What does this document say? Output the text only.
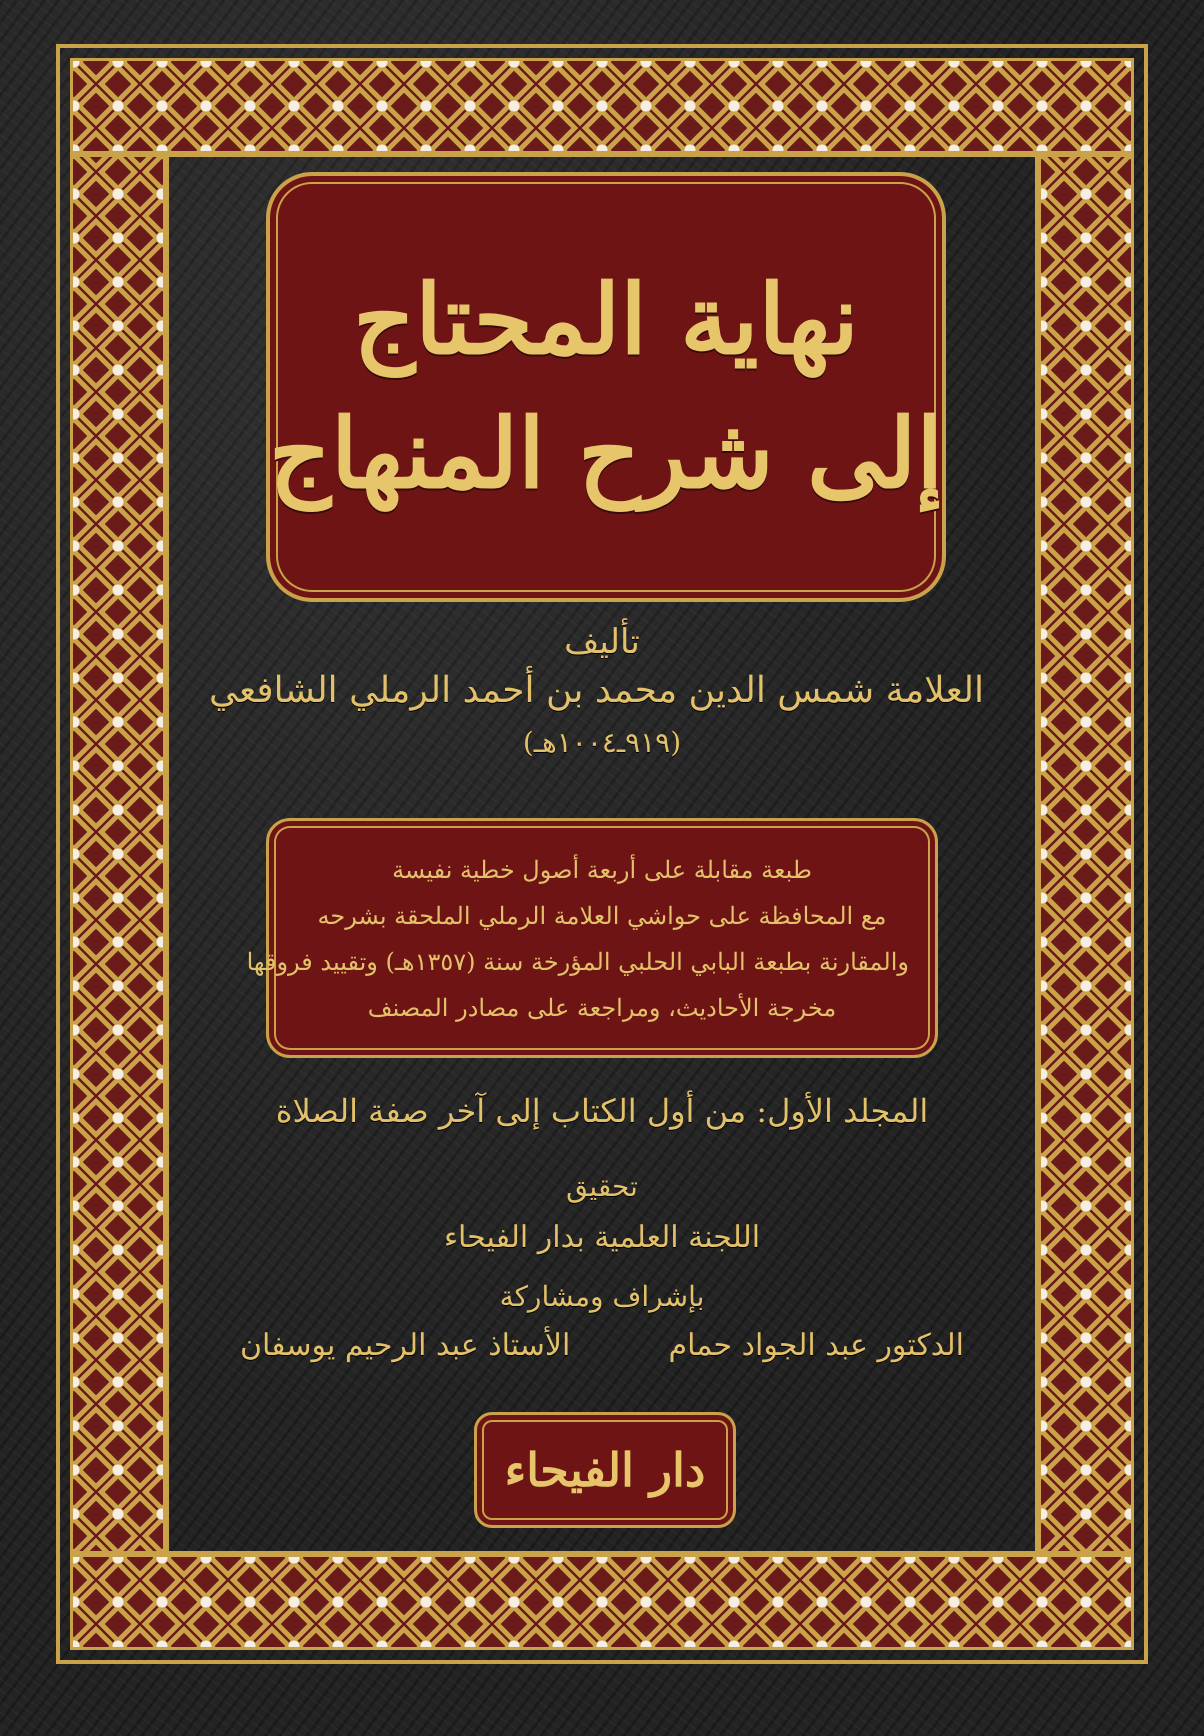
نهاية المحتاج
إلى شرح المنهاج
تأليف
العلامة شمس الدين محمد بن أحمد الرملي الشافعي
(٩١٩ـ١٠٠٤هـ)
طبعة مقابلة على أربعة أصول خطية نفيسة
مع المحافظة على حواشي العلامة الرملي الملحقة بشرحه
والمقارنة بطبعة البابي الحلبي المؤرخة سنة (١٣٥٧هـ) وتقييد فروقها
مخرجة الأحاديث، ومراجعة على مصادر المصنف
المجلد الأول: من أول الكتاب إلى آخر صفة الصلاة
تحقيق
اللجنة العلمية بدار الفيحاء
بإشراف ومشاركة
الدكتور عبد الجواد حمام
الأستاذ عبد الرحيم يوسفان
دار الفيحاء
